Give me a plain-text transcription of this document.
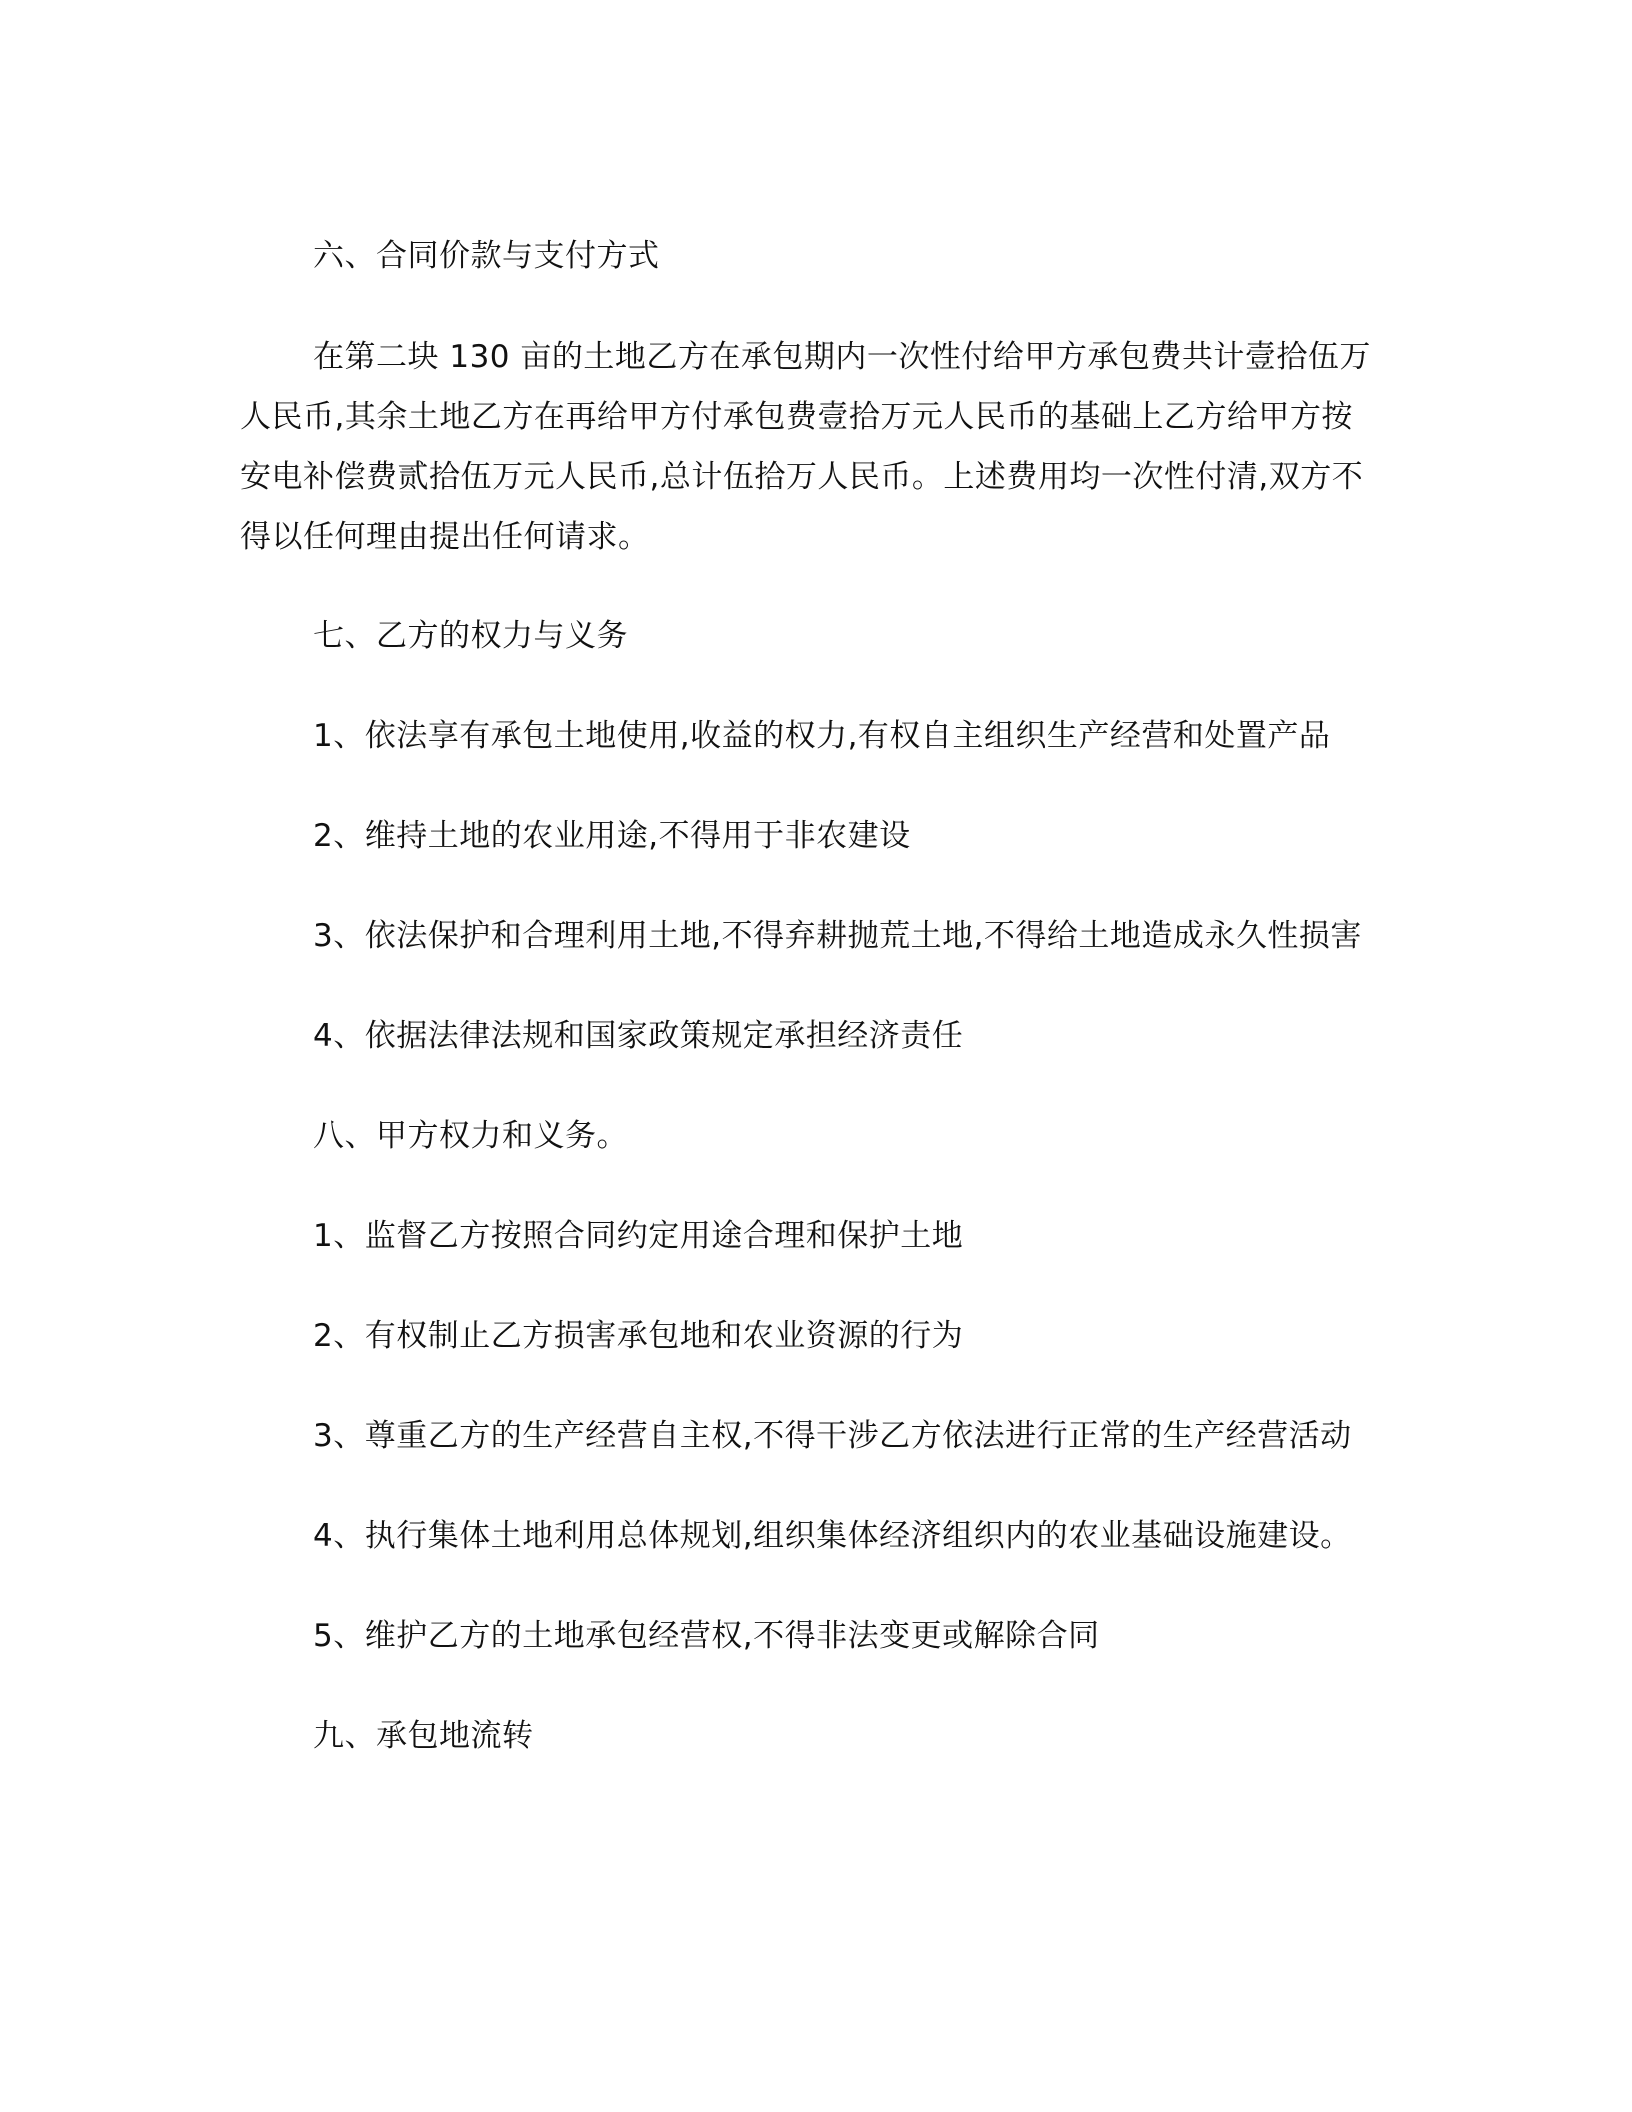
六、合同价款与支付方式
在第二块 130 亩的土地乙方在承包期内一次性付给甲方承包费共计壹拾伍万
人民币,其余土地乙方在再给甲方付承包费壹拾万元人民币的基础上乙方给甲方按
安电补偿费贰拾伍万元人民币,总计伍拾万人民币。上述费用均一次性付清,双方不
得以任何理由提出任何请求。
七、乙方的权力与义务
1、依法享有承包土地使用,收益的权力,有权自主组织生产经营和处置产品
2、维持土地的农业用途,不得用于非农建设
3、依法保护和合理利用土地,不得弃耕抛荒土地,不得给土地造成永久性损害
4、依据法律法规和国家政策规定承担经济责任
八、甲方权力和义务。
1、监督乙方按照合同约定用途合理和保护土地
2、有权制止乙方损害承包地和农业资源的行为
3、尊重乙方的生产经营自主权,不得干涉乙方依法进行正常的生产经营活动
4、执行集体土地利用总体规划,组织集体经济组织内的农业基础设施建设。
5、维护乙方的土地承包经营权,不得非法变更或解除合同
九、承包地流转
